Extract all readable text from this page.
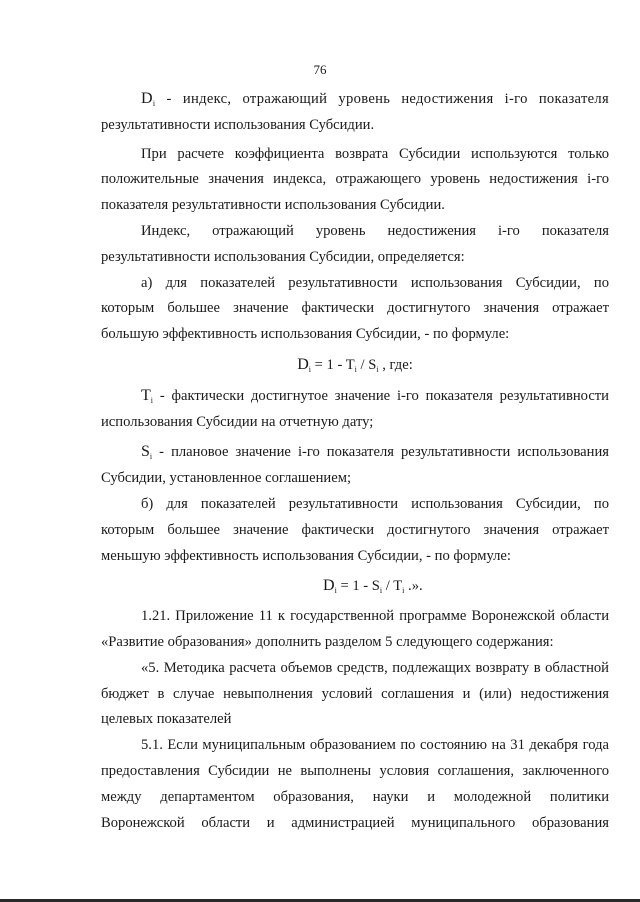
76
$D_i$ - индекс, отражающий уровень недостижения i-го показателя
результативности использования Субсидии.
При расчете коэффициента возврата Субсидии используются только
положительные значения индекса, отражающего уровень недостижения i-го
показателя результативности использования Субсидии.
Индекс, отражающий уровень недостижения i-го показателя
результативности использования Субсидии, определяется:
а) для показателей результативности использования Субсидии, по
которым большее значение фактически достигнутого значения отражает
большую эффективность использования Субсидии, - по формуле:
$D_i = 1 - T_i / S_i$ , где:
$T_i$ - фактически достигнутое значение i-го показателя результативности
использования Субсидии на отчетную дату;
$S_i$ - плановое значение i-го показателя результативности использования
Субсидии, установленное соглашением;
б) для показателей результативности использования Субсидии, по
которым большее значение фактически достигнутого значения отражает
меньшую эффективность использования Субсидии, - по формуле:
$D_i = 1 - S_i / T_i$ .».
1.21. Приложение 11 к государственной программе Воронежской области
«Развитие образования» дополнить разделом 5 следующего содержания:
«5. Методика расчета объемов средств, подлежащих возврату в областной
бюджет в случае невыполнения условий соглашения и (или) недостижения
целевых показателей
5.1. Если муниципальным образованием по состоянию на 31 декабря года
предоставления Субсидии не выполнены условия соглашения, заключенного
между департаментом образования, науки и молодежной политики
Воронежской области и администрацией муниципального образования
